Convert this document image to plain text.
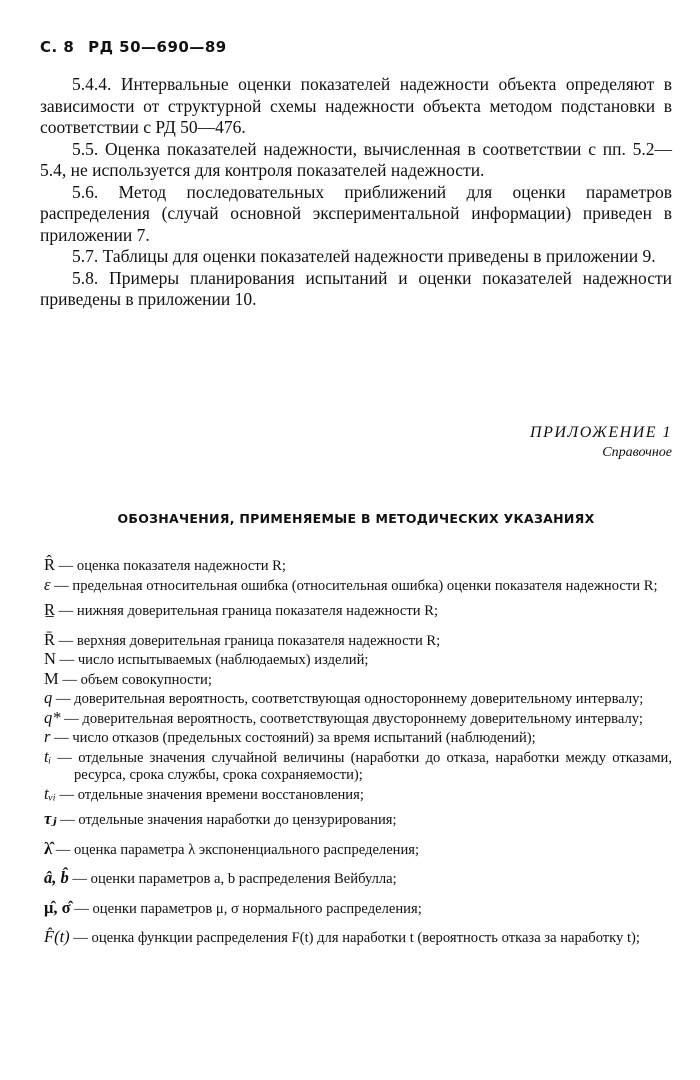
С. 8 РД 50—690—89

5.4.4. Интервальные оценки показателей надежности объекта определяют в зависимости от структурной схемы надежности объекта методом подстановки в соответствии с РД 50—476.

5.5. Оценка показателей надежности, вычисленная в соответствии с пп. 5.2—5.4, не используется для контроля показателей надежности.

5.6. Метод последовательных приближений для оценки параметров распределения (случай основной экспериментальной информации) приведен в приложении 7.

5.7. Таблицы для оценки показателей надежности приведены в приложении 9.

5.8. Примеры планирования испытаний и оценки показателей надежности приведены в приложении 10.

ПРИЛОЖЕНИЕ 1
Справочное
ОБОЗНАЧЕНИЯ, ПРИМЕНЯЕМЫЕ В МЕТОДИЧЕСКИХ УКАЗАНИЯХ
R̂ — оценка показателя надежности R;
ε — предельная относительная ошибка (относительная ошибка) оценки показателя надежности R;
R̲ — нижняя доверительная граница показателя надежности R;
R̄ — верхняя доверительная граница показателя надежности R;
N — число испытываемых (наблюдаемых) изделий;
M — объем совокупности;
q — доверительная вероятность, соответствующая одностороннему доверительному интервалу;
q* — доверительная вероятность, соответствующая двустороннему доверительному интервалу;
r — число отказов (предельных состояний) за время испытаний (наблюдений);
tᵢ — отдельные значения случайной величины (наработки до отказа, наработки между отказами, ресурса, срока службы, срока сохраняемости);
tᵥᵢ — отдельные значения времени восстановления;
τⱼ — отдельные значения наработки до цензурирования;
λ̂ — оценка параметра λ экспоненциального распределения;
â, b̂ — оценки параметров a, b распределения Вейбулла;
μ̂, σ̂ — оценки параметров μ, σ нормального распределения;
F̂(t) — оценка функции распределения F(t) для наработки t (вероятность отказа за наработку t);
